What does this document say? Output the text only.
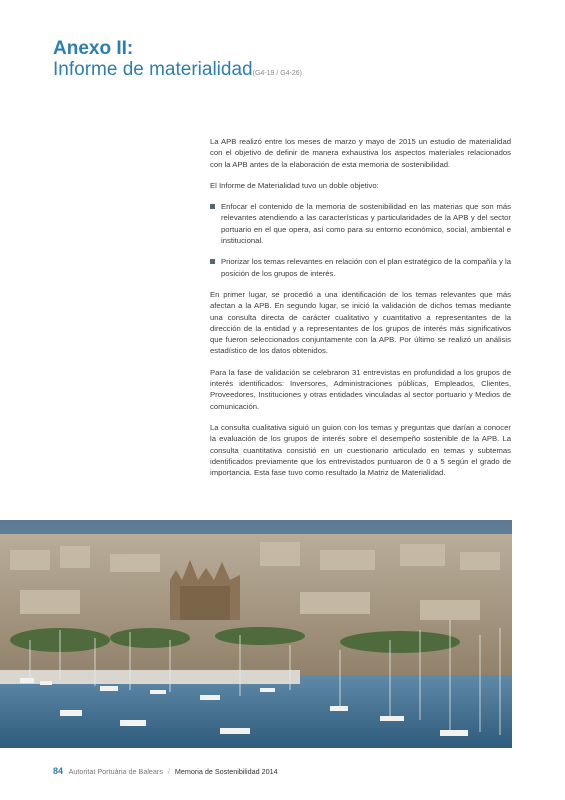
Anexo II:
Informe de materialidad(G4-19 / G4-26)

La APB realizó entre los meses de marzo y mayo de 2015 un estudio de materialidad con el objetivo de definir de manera exhaustiva los aspectos materiales relacionados con la APB antes de la elaboración de esta memoria de sostenibilidad.

El Informe de Materialidad tuvo un doble objetivo:

Enfocar el contenido de la memoria de sostenibilidad en las materias que son más relevantes atendiendo a las características y particularidades de la APB y del sector portuario en el que opera, así como para su entorno económico, social, ambiental e institucional.
Priorizar los temas relevantes en relación con el plan estratégico de la compañía y la posición de los grupos de interés.

En primer lugar, se procedió a una identificación de los temas relevantes que más afectan a la APB. En segundo lugar, se inició la validación de dichos temas mediante una consulta directa de carácter cualitativo y cuantitativo a representantes de la dirección de la entidad y a representantes de los grupos de interés más significativos que fueron seleccionados conjuntamente con la APB. Por último se realizó un análisis estadístico de los datos obtenidos.

Para la fase de validación se celebraron 31 entrevistas en profundidad a los grupos de interés identificados: Inversores, Administraciones públicas, Empleados, Clientes, Proveedores, Instituciones y otras entidades vinculadas al sector portuario y Medios de comunicación.

La consulta cualitativa siguió un guion con los temas y preguntas que darían a conocer la evaluación de los grupos de interés sobre el desempeño sostenible de la APB. La consulta cuantitativa consistió en un cuestionario articulado en temas y subtemas identificados previamente que los entrevistados puntuaron de 0 a 5 según el grado de importancia. Esta fase tuvo como resultado la Matriz de Materialidad.

84 Autoritat Portuària de Balears / Memoria de Sostenibilidad 2014
